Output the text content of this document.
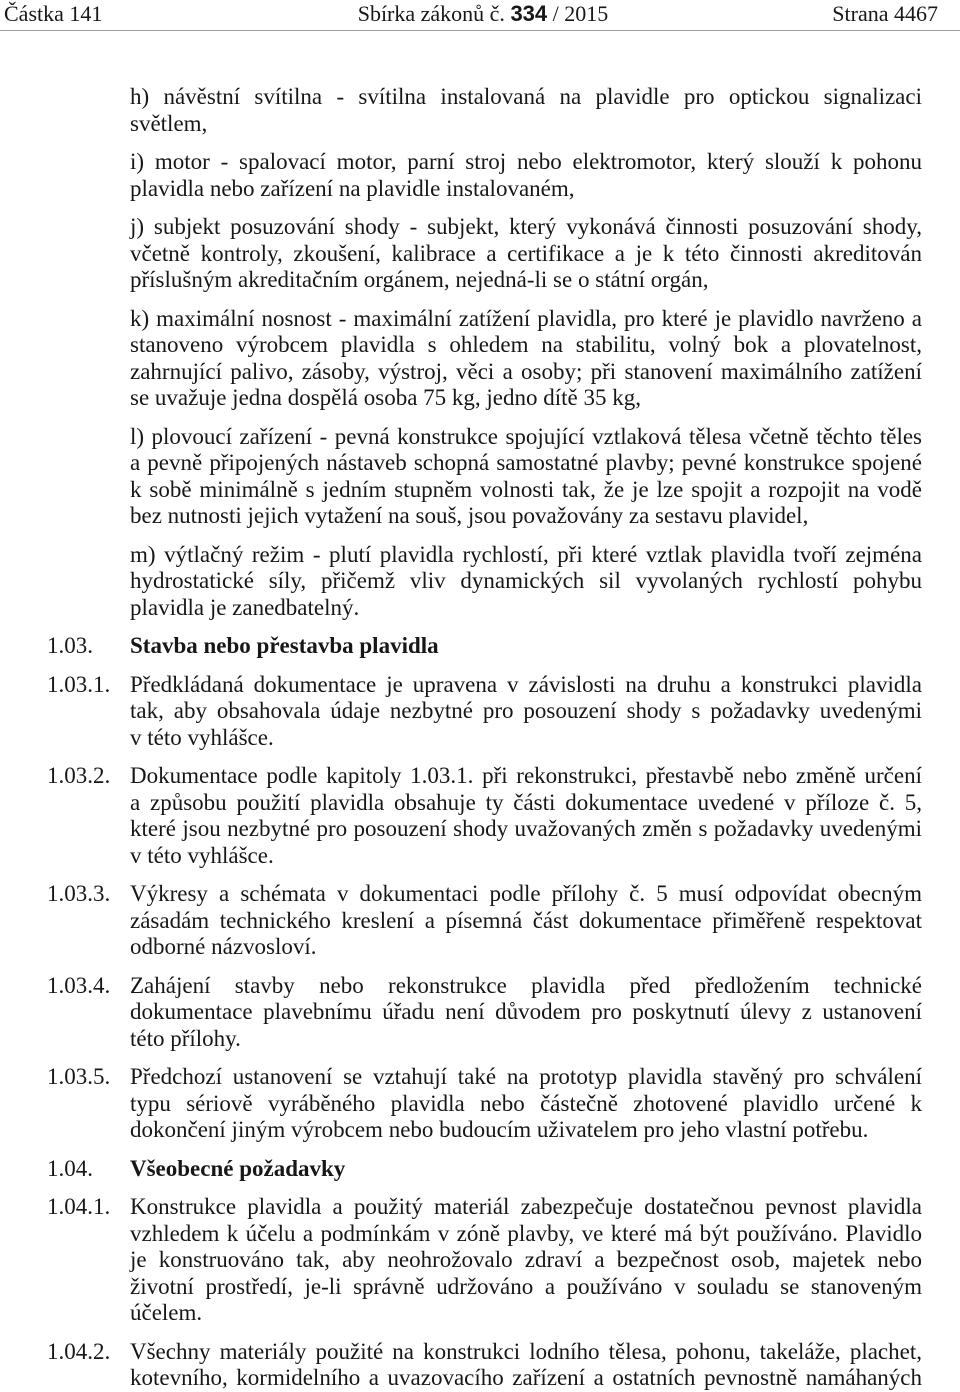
Částka 141	Sbírka zákonů č. 334 / 2015	Strana 4467
h) návěstní svítilna - svítilna instalovaná na plavidle pro optickou signalizaci
světlem,
i) motor - spalovací motor, parní stroj nebo elektromotor, který slouží k pohonu
plavidla nebo zařízení na plavidle instalovaném,
j) subjekt posuzování shody - subjekt, který vykonává činnosti posuzování shody,
včetně kontroly, zkoušení, kalibrace a certifikace a je k této činnosti akreditován
příslušným akreditačním orgánem, nejedná-li se o státní orgán,
k) maximální nosnost - maximální zatížení plavidla, pro které je plavidlo navrženo a
stanoveno výrobcem plavidla s ohledem na stabilitu, volný bok a plovatelnost,
zahrnující palivo, zásoby, výstroj, věci a osoby; při stanovení maximálního zatížení
se uvažuje jedna dospělá osoba 75 kg, jedno dítě 35 kg,
l) plovoucí zařízení - pevná konstrukce spojující vztlaková tělesa včetně těchto těles
a pevně připojených nástaveb schopná samostatné plavby; pevné konstrukce spojené
k sobě minimálně s jedním stupněm volnosti tak, že je lze spojit a rozpojit na vodě
bez nutnosti jejich vytažení na souš, jsou považovány za sestavu plavidel,
m) výtlačný režim - plutí plavidla rychlostí, při které vztlak plavidla tvoří zejména
hydrostatické síly, přičemž vliv dynamických sil vyvolaných rychlostí pohybu
plavidla je zanedbatelný.
1.03. Stavba nebo přestavba plavidla
1.03.1. Předkládaná dokumentace je upravena v závislosti na druhu a konstrukci plavidla
tak, aby obsahovala údaje nezbytné pro posouzení shody s požadavky uvedenými
v této vyhlášce.
1.03.2. Dokumentace podle kapitoly 1.03.1. při rekonstrukci, přestavbě nebo změně určení
a způsobu použití plavidla obsahuje ty části dokumentace uvedené v příloze č. 5,
které jsou nezbytné pro posouzení shody uvažovaných změn s požadavky uvedenými
v této vyhlášce.
1.03.3. Výkresy a schémata v dokumentaci podle přílohy č. 5 musí odpovídat obecným
zásadám technického kreslení a písemná část dokumentace přiměřeně respektovat
odborné názvosloví.
1.03.4. Zahájení stavby nebo rekonstrukce plavidla před předložením technické
dokumentace plavebnímu úřadu není důvodem pro poskytnutí úlevy z ustanovení
této přílohy.
1.03.5. Předchozí ustanovení se vztahují také na prototyp plavidla stavěný pro schválení
typu sériově vyráběného plavidla nebo částečně zhotovené plavidlo určené k
dokončení jiným výrobcem nebo budoucím uživatelem pro jeho vlastní potřebu.
1.04. Všeobecné požadavky
1.04.1. Konstrukce plavidla a použitý materiál zabezpečuje dostatečnou pevnost plavidla
vzhledem k účelu a podmínkám v zóně plavby, ve které má být používáno. Plavidlo
je konstruováno tak, aby neohrožovalo zdraví a bezpečnost osob, majetek nebo
životní prostředí, je-li správně udržováno a používáno v souladu se stanoveným
účelem.
1.04.2. Všechny materiály použité na konstrukci lodního tělesa, pohonu, takeláže, plachet,
kotevního, kormidelního a uvazovacího zařízení a ostatních pevnostně namáhaných
